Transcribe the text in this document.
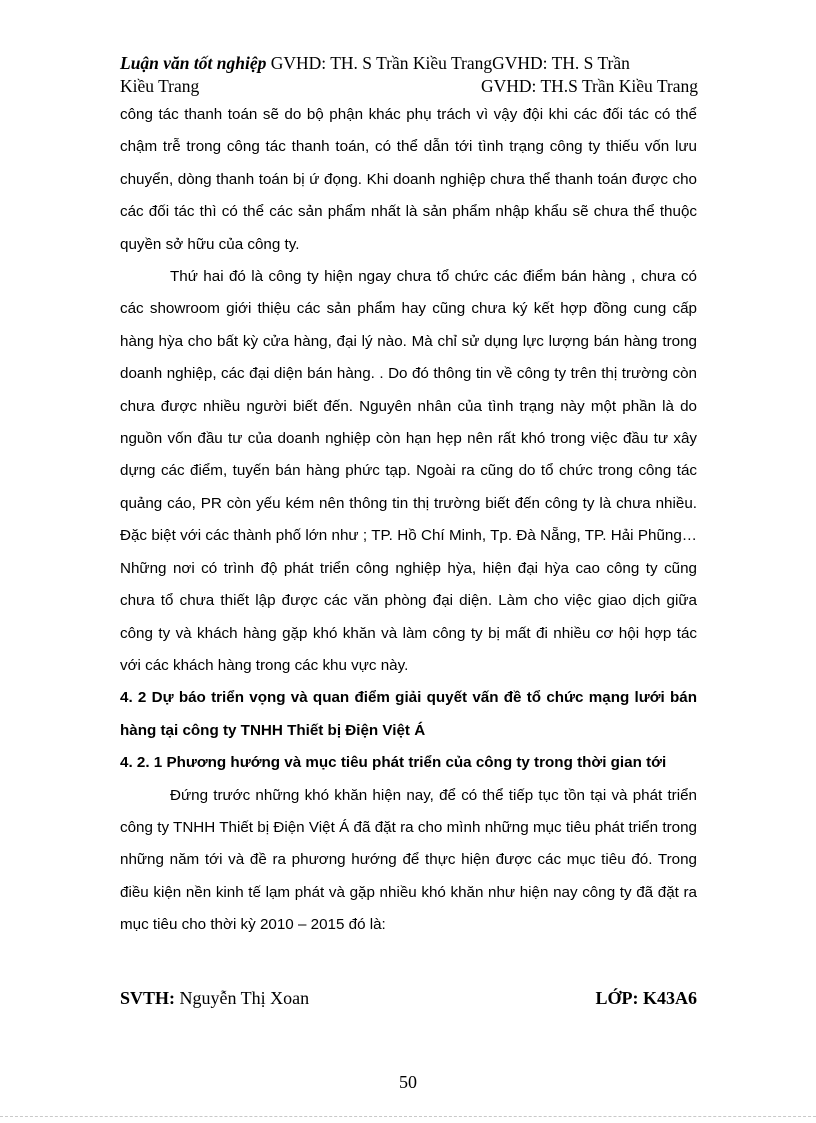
Luận văn tốt nghiệp GVHD: TH. S Trần Kiều TrangGVHD: TH. S Trần
Kiều Trang	GVHD: TH.S Trần Kiều Trang

công tác thanh toán sẽ do bộ phận khác phụ trách vì vậy đội khi các đối tác có thể chậm trễ trong công tác thanh toán, có thể dẫn tới tình trạng công ty thiếu vốn lưu chuyển, dòng thanh toán bị ứ đọng. Khi doanh nghiệp chưa thể thanh toán được cho các đối tác thì có thể các sản phẩm nhất là sản phẩm nhập khẩu sẽ chưa thể thuộc quyền sở hữu của công ty.

Thứ hai đó là công ty hiện ngay chưa tổ chức các điểm bán hàng , chưa có các showroom giới thiệu các sản phẩm hay cũng chưa ký kết hợp đồng cung cấp hàng hỳa cho bất kỳ cửa hàng, đại lý nào. Mà chỉ sử dụng lực lượng bán hàng trong doanh nghiệp, các đại diện bán hàng. . Do đó thông tin về công ty trên thị trường còn chưa được nhiều người biết đến. Nguyên nhân của tình trạng này một phần là do nguồn vốn đầu tư của doanh nghiệp còn hạn hẹp nên rất khó trong việc đầu tư xây dựng các điểm, tuyến bán hàng phức tạp. Ngoài ra cũng do tổ chức trong công tác quảng cáo, PR còn yếu kém nên thông tin thị trường biết đến công ty là chưa nhiều. Đặc biệt với các thành phố lớn như ; TP. Hồ Chí Minh, Tp. Đà Nẵng, TP. Hải Phũng… Những nơi có trình độ phát triển công nghiệp hỳa, hiện đại hỳa cao công ty cũng chưa tổ chưa thiết lập được các văn phòng đại diện. Làm cho việc giao dịch giữa công ty và khách hàng gặp khó khăn và làm công ty bị mất đi nhiều cơ hội hợp tác với các khách hàng trong các khu vực này.

4. 2 Dự báo triển vọng và quan điểm giải quyết vấn đề tổ chức mạng lưới bán hàng tại công ty TNHH Thiết bị Điện Việt Á

4. 2. 1 Phương hướng và mục tiêu phát triển của công ty trong thời gian tới

Đứng trước những khó khăn hiện nay, để có thể tiếp tục tồn tại và phát triển công ty TNHH Thiết bị Điện Việt Á đã đặt ra cho mình những mục tiêu phát triển trong những năm tới và đề ra phương hướng để thực hiện được các mục tiêu đó. Trong điều kiện nền kinh tế lạm phát và gặp nhiều khó khăn như hiện nay công ty đã đặt ra mục tiêu cho thời kỳ 2010 – 2015 đó là:

SVTH: Nguyễn Thị Xoan	LỚP: K43A6
50
